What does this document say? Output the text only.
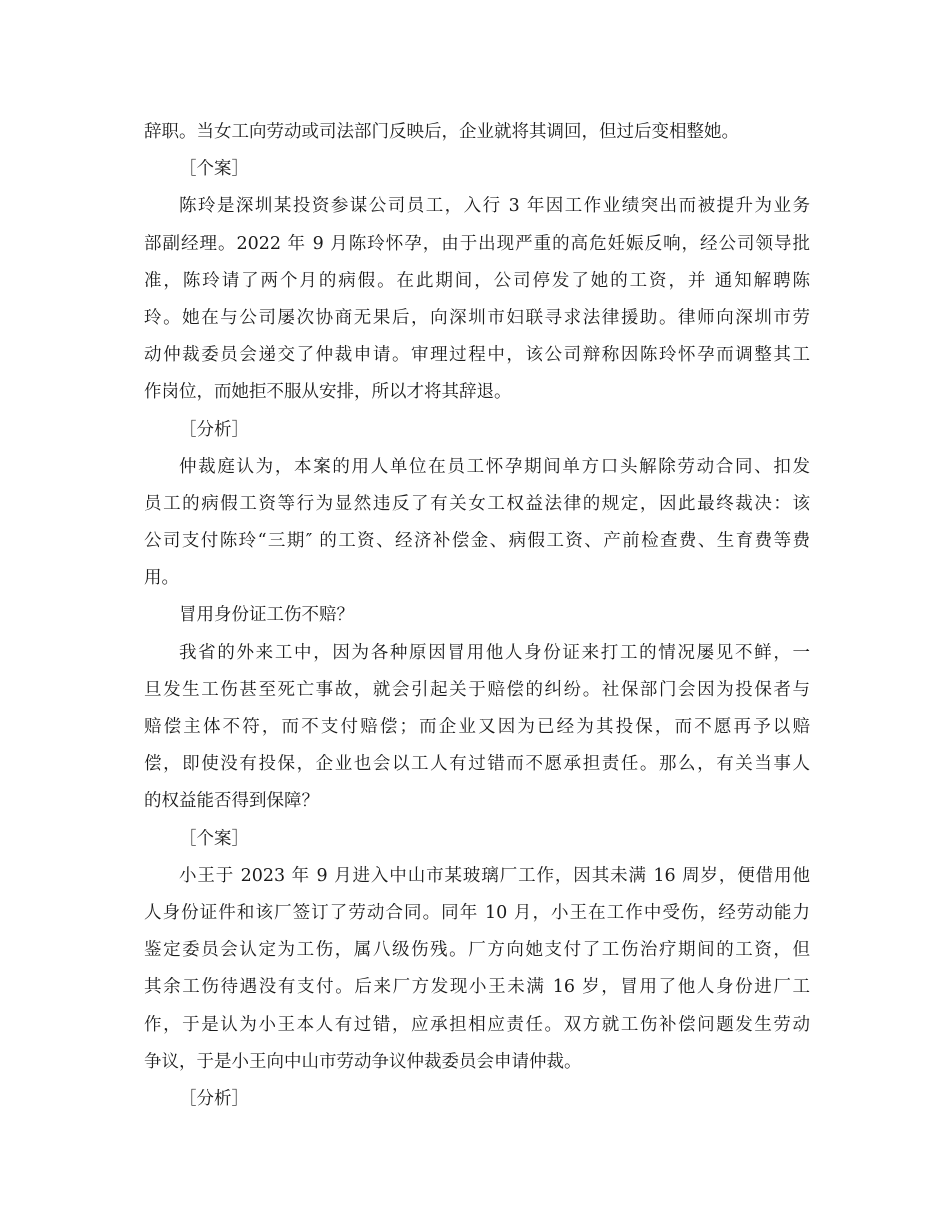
辞职。当女工向劳动或司法部门反映后，企业就将其调回，但过后变相整她。
［个案］
陈玲是深圳某投资参谋公司员工，入行 3 年因工作业绩突出而被提升为业务
部副经理。2022 年 9 月陈玲怀孕，由于出现严重的高危妊娠反响，经公司领导批
准，陈玲请了两个月的病假。在此期间，公司停发了她的工资，并 通知解聘陈
玲。她在与公司屡次协商无果后，向深圳市妇联寻求法律援助。律师向深圳市劳
动仲裁委员会递交了仲裁申请。审理过程中，该公司辩称因陈玲怀孕而调整其工
作岗位，而她拒不服从安排，所以才将其辞退。
［分析］
仲裁庭认为，本案的用人单位在员工怀孕期间单方口头解除劳动合同、扣发
员工的病假工资等行为显然违反了有关女工权益法律的规定，因此最终裁决：该
公司支付陈玲“三期″ 的工资、经济补偿金、病假工资、产前检查费、生育费等费
用。
冒用身份证工伤不赔？
我省的外来工中，因为各种原因冒用他人身份证来打工的情况屡见不鲜，一
旦发生工伤甚至死亡事故，就会引起关于赔偿的纠纷。社保部门会因为投保者与
赔偿主体不符，而不支付赔偿；而企业又因为已经为其投保，而不愿再予以赔
偿，即使没有投保，企业也会以工人有过错而不愿承担责任。那么，有关当事人
的权益能否得到保障？
［个案］
小王于 2023 年 9 月进入中山市某玻璃厂工作，因其未满 16 周岁，便借用他
人身份证件和该厂签订了劳动合同。同年 10 月，小王在工作中受伤，经劳动能力
鉴定委员会认定为工伤，属八级伤残。厂方向她支付了工伤治疗期间的工资，但
其余工伤待遇没有支付。后来厂方发现小王未满 16 岁，冒用了他人身份进厂工
作，于是认为小王本人有过错，应承担相应责任。双方就工伤补偿问题发生劳动
争议，于是小王向中山市劳动争议仲裁委员会申请仲裁。
［分析］
